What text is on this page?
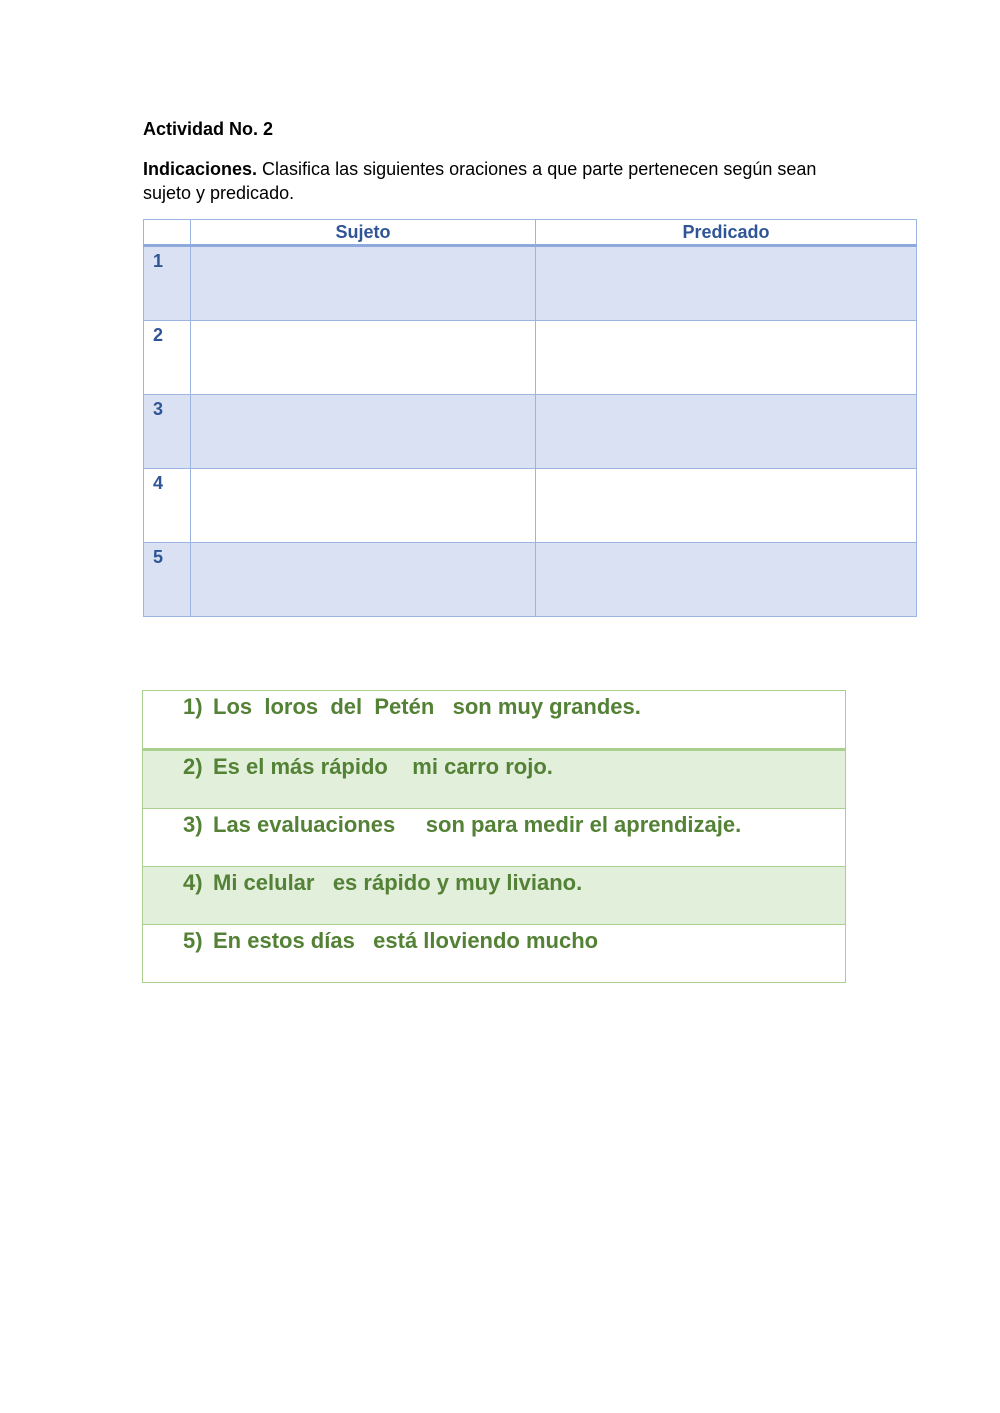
Actividad No. 2

Indicaciones. Clasifica las siguientes oraciones a que parte pertenecen según sean sujeto y predicado.

	Sujeto	Predicado
1		
2		
3		
4		
5		
1) Los  loros  del  Petén   son muy grandes.

2) Es el más rápido    mi carro rojo.

3) Las evaluaciones     son para medir el aprendizaje.

4) Mi celular   es rápido y muy liviano.

5) En estos días   está lloviendo mucho
